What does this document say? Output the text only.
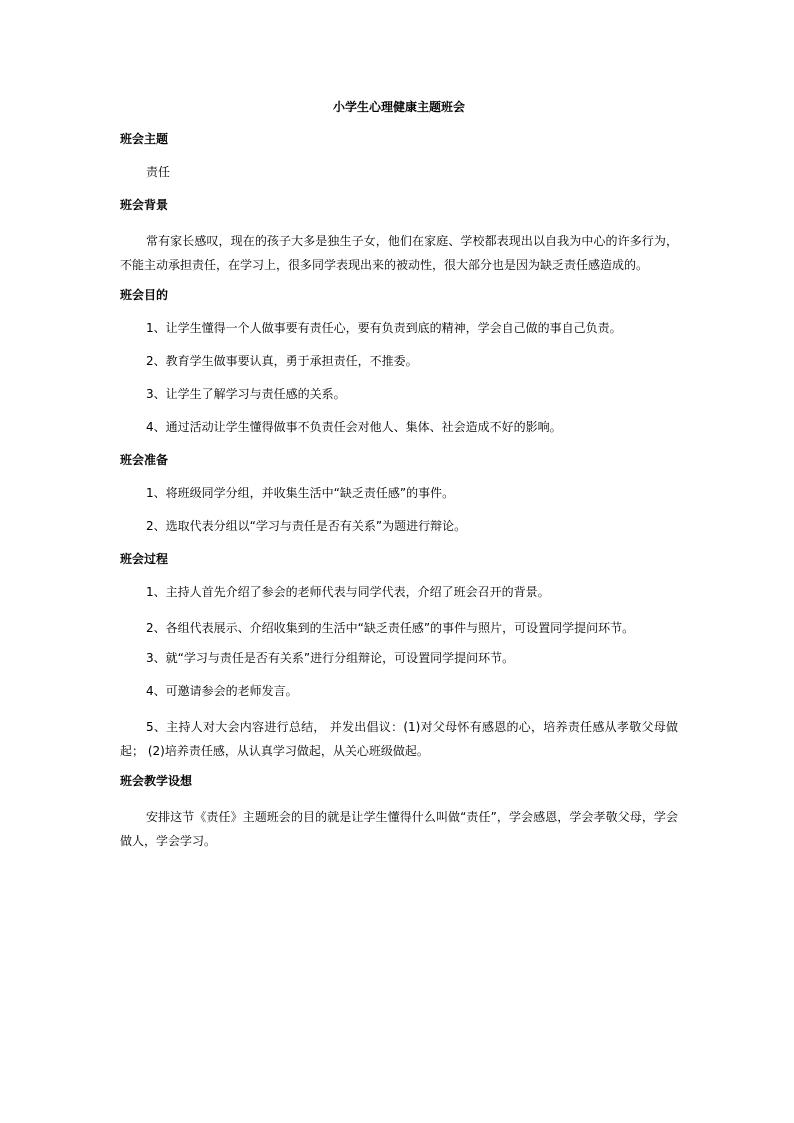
小学生心理健康主题班会
班会主题

责任

班会背景

常有家长感叹，现在的孩子大多是独生子女，他们在家庭、学校都表现出以自我为中心的许多行为，不能主动承担责任，在学习上，很多同学表现出来的被动性，很大部分也是因为缺乏责任感造成的。

班会目的

1、让学生懂得一个人做事要有责任心，要有负责到底的精神，学会自己做的事自己负责。

2、教育学生做事要认真，勇于承担责任，不推委。

3、让学生了解学习与责任感的关系。

4、通过活动让学生懂得做事不负责任会对他人、集体、社会造成不好的影响。

班会准备

1、将班级同学分组，并收集生活中“缺乏责任感”的事件。

2、选取代表分组以“学习与责任是否有关系”为题进行辩论。

班会过程

1、主持人首先介绍了参会的老师代表与同学代表，介绍了班会召开的背景。

2、各组代表展示、介绍收集到的生活中“缺乏责任感”的事件与照片，可设置同学提问环节。

3、就“学习与责任是否有关系”进行分组辩论，可设置同学提问环节。

4、可邀请参会的老师发言。

5、主持人对大会内容进行总结， 并发出倡议：(1)对父母怀有感恩的心，培养责任感从孝敬父母做起； (2)培养责任感，从认真学习做起，从关心班级做起。

班会教学设想

安排这节《责任》主题班会的目的就是让学生懂得什么叫做“责任”，学会感恩，学会孝敬父母，学会做人，学会学习。
